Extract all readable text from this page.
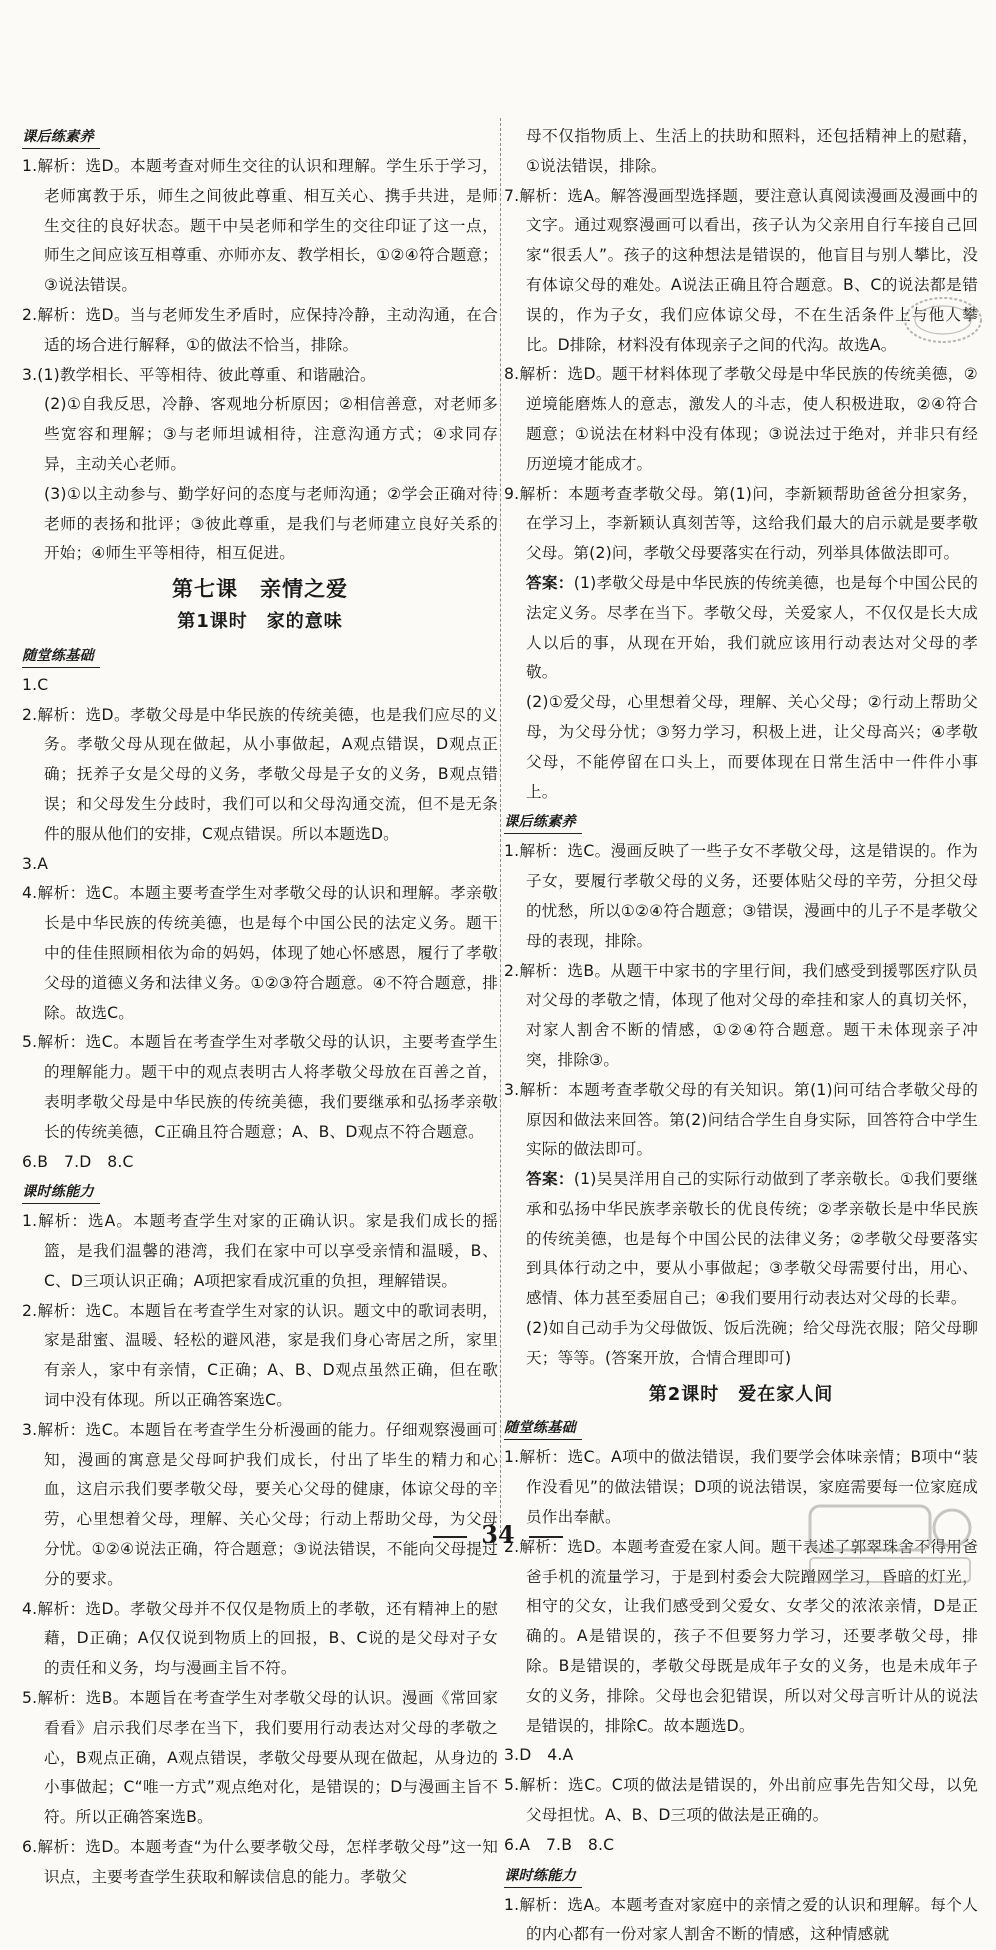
课后练素养

1.解析：选D。本题考查对师生交往的认识和理解。学生乐于学习，老师寓教于乐，师生之间彼此尊重、相互关心、携手共进，是师生交往的良好状态。题干中吴老师和学生的交往印证了这一点，师生之间应该互相尊重、亦师亦友、教学相长，①②④符合题意；③说法错误。

2.解析：选D。当与老师发生矛盾时，应保持冷静，主动沟通，在合适的场合进行解释，①的做法不恰当，排除。

3.(1)教学相长、平等相待、彼此尊重、和谐融洽。

(2)①自我反思，冷静、客观地分析原因；②相信善意，对老师多些宽容和理解；③与老师坦诚相待，注意沟通方式；④求同存异，主动关心老师。

(3)①以主动参与、勤学好问的态度与老师沟通；②学会正确对待老师的表扬和批评；③彼此尊重，是我们与老师建立良好关系的开始；④师生平等相待，相互促进。

第七课　亲情之爱

第1课时　家的意味

随堂练基础

1.C

2.解析：选D。孝敬父母是中华民族的传统美德，也是我们应尽的义务。孝敬父母从现在做起，从小事做起，A观点错误，D观点正确；抚养子女是父母的义务，孝敬父母是子女的义务，B观点错误；和父母发生分歧时，我们可以和父母沟通交流，但不是无条件的服从他们的安排，C观点错误。所以本题选D。

3.A

4.解析：选C。本题主要考查学生对孝敬父母的认识和理解。孝亲敬长是中华民族的传统美德，也是每个中国公民的法定义务。题干中的佳佳照顾相依为命的妈妈，体现了她心怀感恩，履行了孝敬父母的道德义务和法律义务。①②③符合题意。④不符合题意，排除。故选C。

5.解析：选C。本题旨在考查学生对孝敬父母的认识，主要考查学生的理解能力。题干中的观点表明古人将孝敬父母放在百善之首，表明孝敬父母是中华民族的传统美德，我们要继承和弘扬孝亲敬长的传统美德，C正确且符合题意；A、B、D观点不符合题意。

6.B　7.D　8.C

课时练能力

1.解析：选A。本题考查学生对家的正确认识。家是我们成长的摇篮，是我们温馨的港湾，我们在家中可以享受亲情和温暖，B、C、D三项认识正确；A项把家看成沉重的负担，理解错误。

2.解析：选C。本题旨在考查学生对家的认识。题文中的歌词表明，家是甜蜜、温暖、轻松的避风港，家是我们身心寄居之所，家里有亲人，家中有亲情，C正确；A、B、D观点虽然正确，但在歌词中没有体现。所以正确答案选C。

3.解析：选C。本题旨在考查学生分析漫画的能力。仔细观察漫画可知，漫画的寓意是父母呵护我们成长，付出了毕生的精力和心血，这启示我们要孝敬父母，要关心父母的健康，体谅父母的辛劳，心里想着父母，理解、关心父母；行动上帮助父母，为父母分忧。①②④说法正确，符合题意；③说法错误，不能向父母提过分的要求。

4.解析：选D。孝敬父母并不仅仅是物质上的孝敬，还有精神上的慰藉，D正确；A仅仅说到物质上的回报，B、C说的是父母对子女的责任和义务，均与漫画主旨不符。

5.解析：选B。本题旨在考查学生对孝敬父母的认识。漫画《常回家看看》启示我们尽孝在当下，我们要用行动表达对父母的孝敬之心，B观点正确，A观点错误，孝敬父母要从现在做起，从身边的小事做起；C“唯一方式”观点绝对化，是错误的；D与漫画主旨不符。所以正确答案选B。

6.解析：选D。本题考查“为什么要孝敬父母，怎样孝敬父母”这一知识点，主要考查学生获取和解读信息的能力。孝敬父

母不仅指物质上、生活上的扶助和照料，还包括精神上的慰藉，①说法错误，排除。

7.解析：选A。解答漫画型选择题，要注意认真阅读漫画及漫画中的文字。通过观察漫画可以看出，孩子认为父亲用自行车接自己回家“很丢人”。孩子的这种想法是错误的，他盲目与别人攀比，没有体谅父母的难处。A说法正确且符合题意。B、C的说法都是错误的，作为子女，我们应体谅父母，不在生活条件上与他人攀比。D排除，材料没有体现亲子之间的代沟。故选A。

8.解析：选D。题干材料体现了孝敬父母是中华民族的传统美德，②逆境能磨炼人的意志，激发人的斗志，使人积极进取，②④符合题意；①说法在材料中没有体现；③说法过于绝对，并非只有经历逆境才能成才。

9.解析：本题考查孝敬父母。第(1)问，李新颖帮助爸爸分担家务，在学习上，李新颖认真刻苦等，这给我们最大的启示就是要孝敬父母。第(2)问，孝敬父母要落实在行动，列举具体做法即可。

答案：(1)孝敬父母是中华民族的传统美德，也是每个中国公民的法定义务。尽孝在当下。孝敬父母，关爱家人，不仅仅是长大成人以后的事，从现在开始，我们就应该用行动表达对父母的孝敬。

(2)①爱父母，心里想着父母，理解、关心父母；②行动上帮助父母，为父母分忧；③努力学习，积极上进，让父母高兴；④孝敬父母，不能停留在口头上，而要体现在日常生活中一件件小事上。

课后练素养

1.解析：选C。漫画反映了一些子女不孝敬父母，这是错误的。作为子女，要履行孝敬父母的义务，还要体贴父母的辛劳，分担父母的忧愁，所以①②④符合题意；③错误，漫画中的儿子不是孝敬父母的表现，排除。

2.解析：选B。从题干中家书的字里行间，我们感受到援鄂医疗队员对父母的孝敬之情，体现了他对父母的牵挂和家人的真切关怀，对家人割舍不断的情感，①②④符合题意。题干未体现亲子冲突，排除③。

3.解析：本题考查孝敬父母的有关知识。第(1)问可结合孝敬父母的原因和做法来回答。第(2)问结合学生自身实际，回答符合中学生实际的做法即可。

答案：(1)吴昊洋用自己的实际行动做到了孝亲敬长。①我们要继承和弘扬中华民族孝亲敬长的优良传统；②孝亲敬长是中华民族的传统美德，也是每个中国公民的法律义务；②孝敬父母要落实到具体行动之中，要从小事做起；③孝敬父母需要付出，用心、感情、体力甚至委屈自己；④我们要用行动表达对父母的长辈。

(2)如自己动手为父母做饭、饭后洗碗；给父母洗衣服；陪父母聊天；等等。(答案开放，合情合理即可)

第2课时　爱在家人间

随堂练基础

1.解析：选C。A项中的做法错误，我们要学会体味亲情；B项中“装作没看见”的做法错误；D项的说法错误，家庭需要每一位家庭成员作出奉献。

2.解析：选D。本题考查爱在家人间。题干表述了郭翠珠舍不得用爸爸手机的流量学习，于是到村委会大院蹭网学习，昏暗的灯光，相守的父女，让我们感受到父爱女、女孝父的浓浓亲情，D是正确的。A是错误的，孩子不但要努力学习，还要孝敬父母，排除。B是错误的，孝敬父母既是成年子女的义务，也是未成年子女的义务，排除。父母也会犯错误，所以对父母言听计从的说法是错误的，排除C。故本题选D。

3.D　4.A

5.解析：选C。C项的做法是错误的，外出前应事先告知父母，以免父母担忧。A、B、D三项的做法是正确的。

6.A　7.B　8.C

课时练能力

1.解析：选A。本题考查对家庭中的亲情之爱的认识和理解。每个人的内心都有一份对家人割舍不断的情感，这种情感就

34
